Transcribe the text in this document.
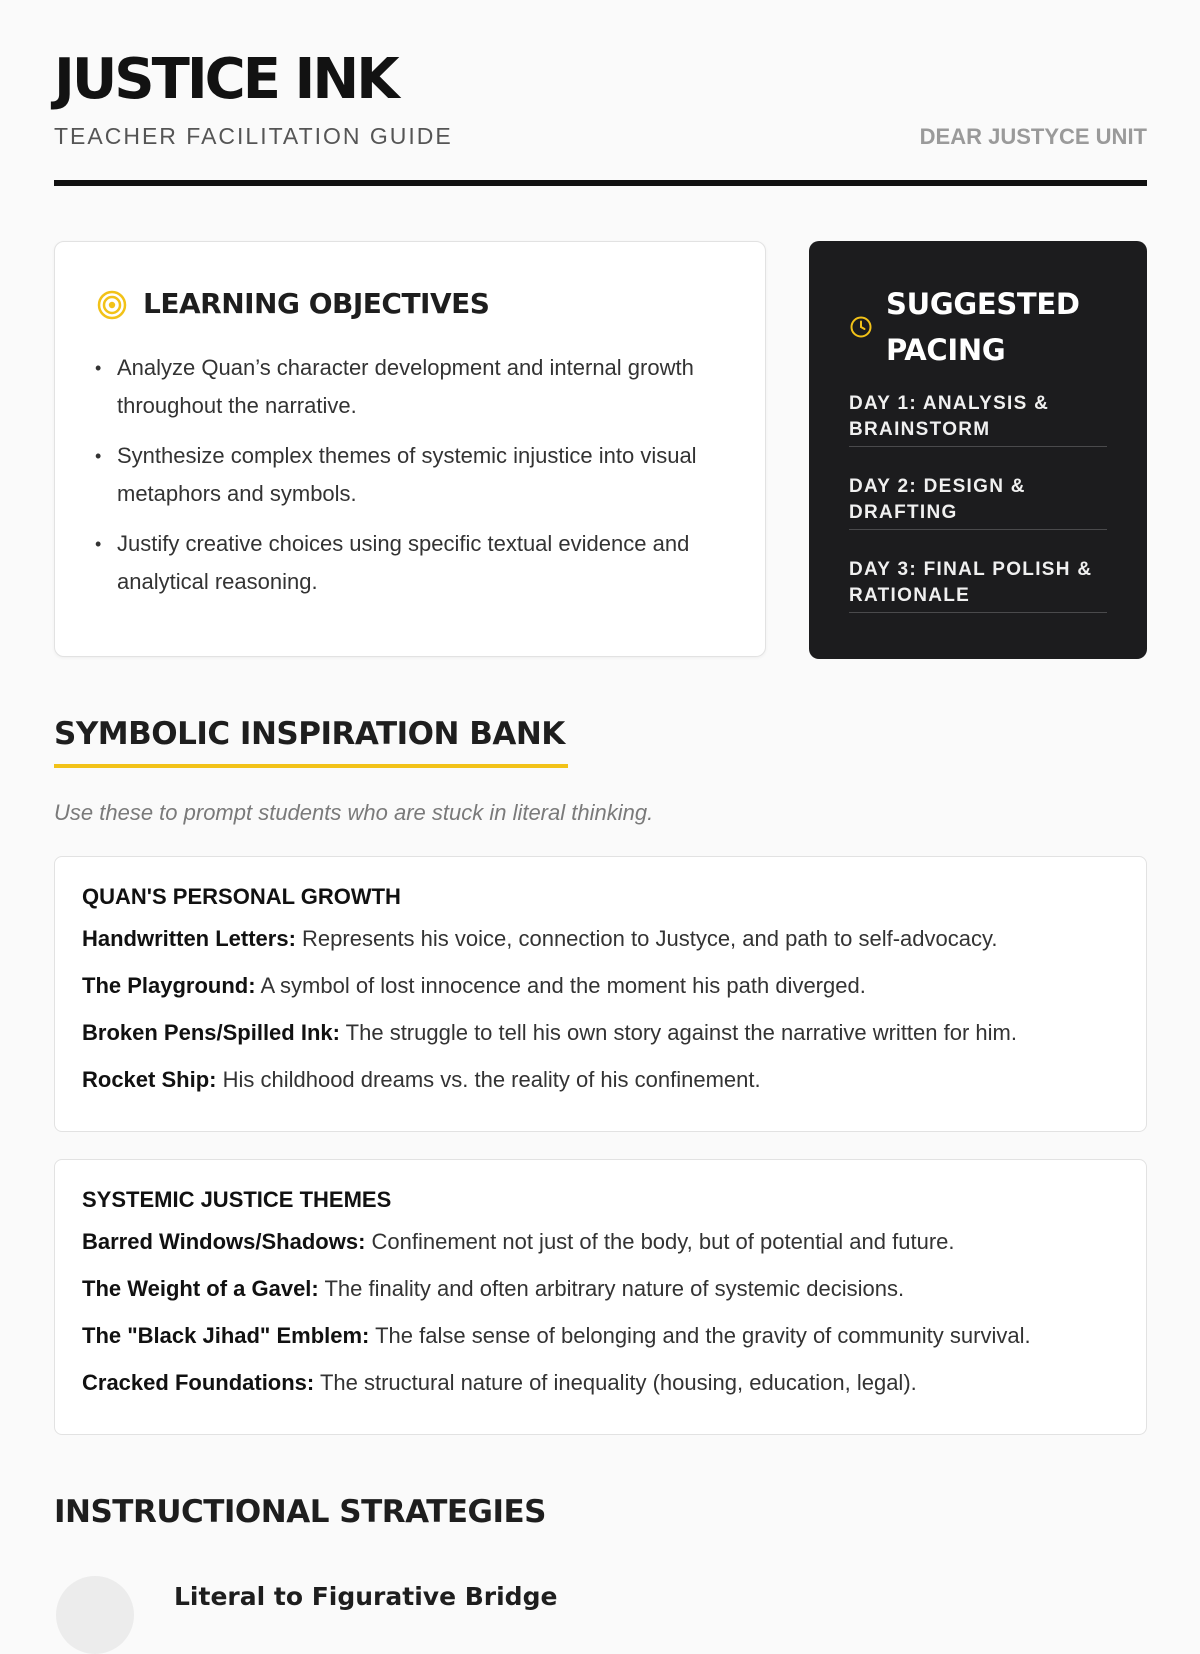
JUSTICE INK
TEACHER FACILITATION GUIDE	DEAR JUSTYCE UNIT
LEARNING OBJECTIVES
• Analyze Quan’s character development and internal growth throughout the narrative.
• Synthesize complex themes of systemic injustice into visual metaphors and symbols.
• Justify creative choices using specific textual evidence and analytical reasoning.
SUGGESTED PACING
DAY 1: ANALYSIS & BRAINSTORM
DAY 2: DESIGN & DRAFTING
DAY 3: FINAL POLISH & RATIONALE
SYMBOLIC INSPIRATION BANK
Use these to prompt students who are stuck in literal thinking.
QUAN'S PERSONAL GROWTH
Handwritten Letters: Represents his voice, connection to Justyce, and path to self-advocacy.
The Playground: A symbol of lost innocence and the moment his path diverged.
Broken Pens/Spilled Ink: The struggle to tell his own story against the narrative written for him.
Rocket Ship: His childhood dreams vs. the reality of his confinement.
SYSTEMIC JUSTICE THEMES
Barred Windows/Shadows: Confinement not just of the body, but of potential and future.
The Weight of a Gavel: The finality and often arbitrary nature of systemic decisions.
The "Black Jihad" Emblem: The false sense of belonging and the gravity of community survival.
Cracked Foundations: The structural nature of inequality (housing, education, legal).
INSTRUCTIONAL STRATEGIES
Literal to Figurative Bridge
